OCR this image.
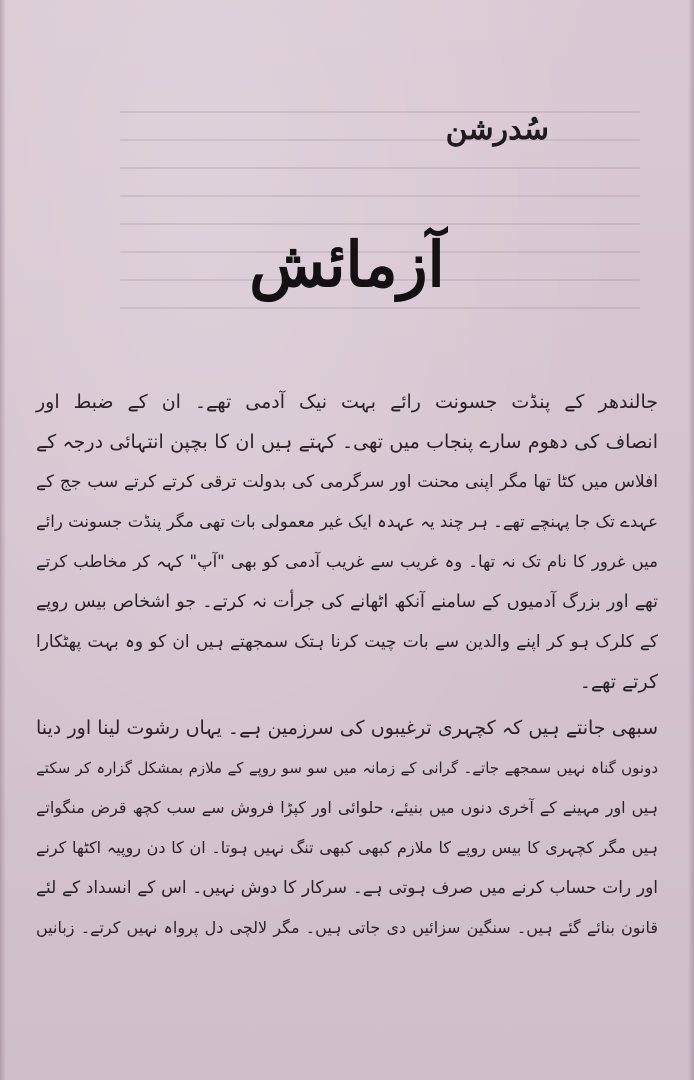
سُدرشن
آزمائش

جالندھر کے پنڈت جسونت رائے بہت نیک آدمی تھے۔ ان کے ضبط اور
انصاف کی دھوم سارے پنجاب میں تھی۔ کہتے ہیں ان کا بچپن انتہائی درجہ کے
افلاس میں کٹا تھا مگر اپنی محنت اور سرگرمی کی بدولت ترقی کرتے کرتے سب جج کے
عہدے تک جا پہنچے تھے۔ ہر چند یہ عہدہ ایک غیر معمولی بات تھی مگر پنڈت جسونت رائے
میں غرور کا نام تک نہ تھا۔ وہ غریب سے غریب آدمی کو بھی "آپ" کہہ کر مخاطب کرتے
تھے اور بزرگ آدمیوں کے سامنے آنکھ اٹھانے کی جرأت نہ کرتے۔ جو اشخاص بیس روپے
کے کلرک ہو کر اپنے والدین سے بات چیت کرنا ہتک سمجھتے ہیں ان کو وہ بہت پھٹکارا
کرتے تھے۔

سبھی جانتے ہیں کہ کچہری ترغیبوں کی سرزمین ہے۔ یہاں رشوت لینا اور دینا
دونوں گناہ نہیں سمجھے جاتے۔ گرانی کے زمانہ میں سو سو روپے کے ملازم بمشکل گزارہ کر سکتے
ہیں اور مہینے کے آخری دنوں میں بنیئے، حلوائی اور کپڑا فروش سے سب کچھ قرض منگواتے
ہیں مگر کچہری کا بیس روپے کا ملازم کبھی کبھی تنگ نہیں ہوتا۔ ان کا دن روپیہ اکٹھا کرنے
اور رات حساب کرنے میں صرف ہوتی ہے۔ سرکار کا دوش نہیں۔ اس کے انسداد کے لئے
قانون بنائے گئے ہیں۔ سنگین سزائیں دی جاتی ہیں۔ مگر لالچی دل پرواہ نہیں کرتے۔ زبانیں
